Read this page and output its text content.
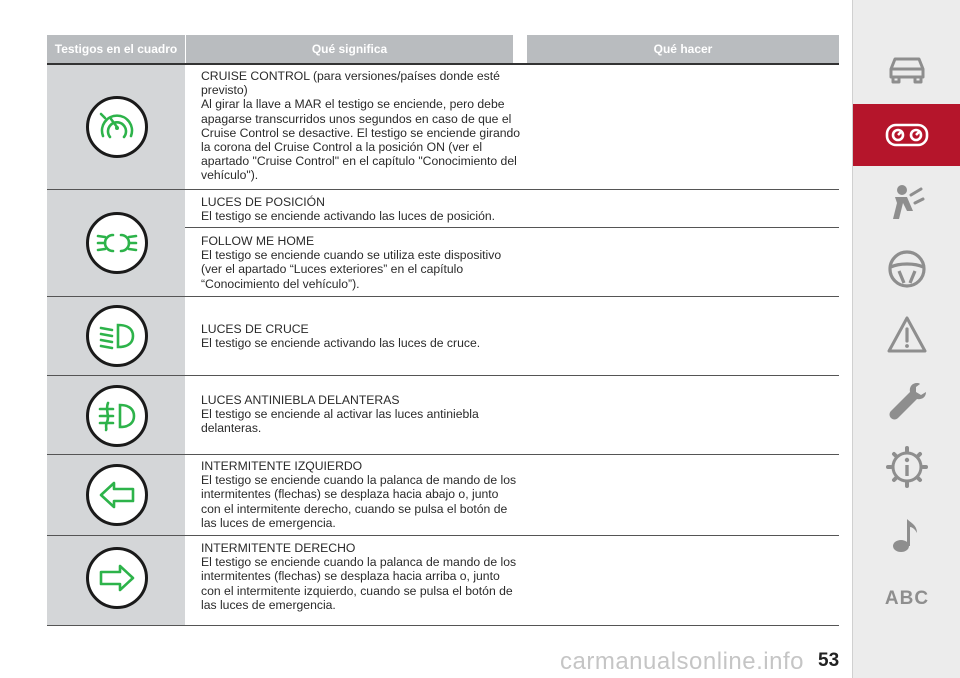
Testigos en el cuadro	Qué significa	Qué hacer
CRUISE CONTROL (para versiones/países donde esté
previsto)
Al girar la llave a MAR el testigo se enciende, pero debe
apagarse transcurridos unos segundos en caso de que el
Cruise Control se desactive. El testigo se enciende girando
la corona del Cruise Control a la posición ON (ver el
apartado "Cruise Control" en el capítulo "Conocimiento del
vehículo").
LUCES DE POSICIÓN
El testigo se enciende activando las luces de posición.
FOLLOW ME HOME
El testigo se enciende cuando se utiliza este dispositivo
(ver el apartado “Luces exteriores” en el capítulo
“Conocimiento del vehículo”).
LUCES DE CRUCE
El testigo se enciende activando las luces de cruce.
LUCES ANTINIEBLA DELANTERAS
El testigo se enciende al activar las luces antiniebla
delanteras.
INTERMITENTE IZQUIERDO
El testigo se enciende cuando la palanca de mando de los
intermitentes (flechas) se desplaza hacia abajo o, junto
con el intermitente derecho, cuando se pulsa el botón de
las luces de emergencia.
INTERMITENTE DERECHO
El testigo se enciende cuando la palanca de mando de los
intermitentes (flechas) se desplaza hacia arriba o, junto
con el intermitente izquierdo, cuando se pulsa el botón de
las luces de emergencia.	ABC
carmanualsonline.info 53
